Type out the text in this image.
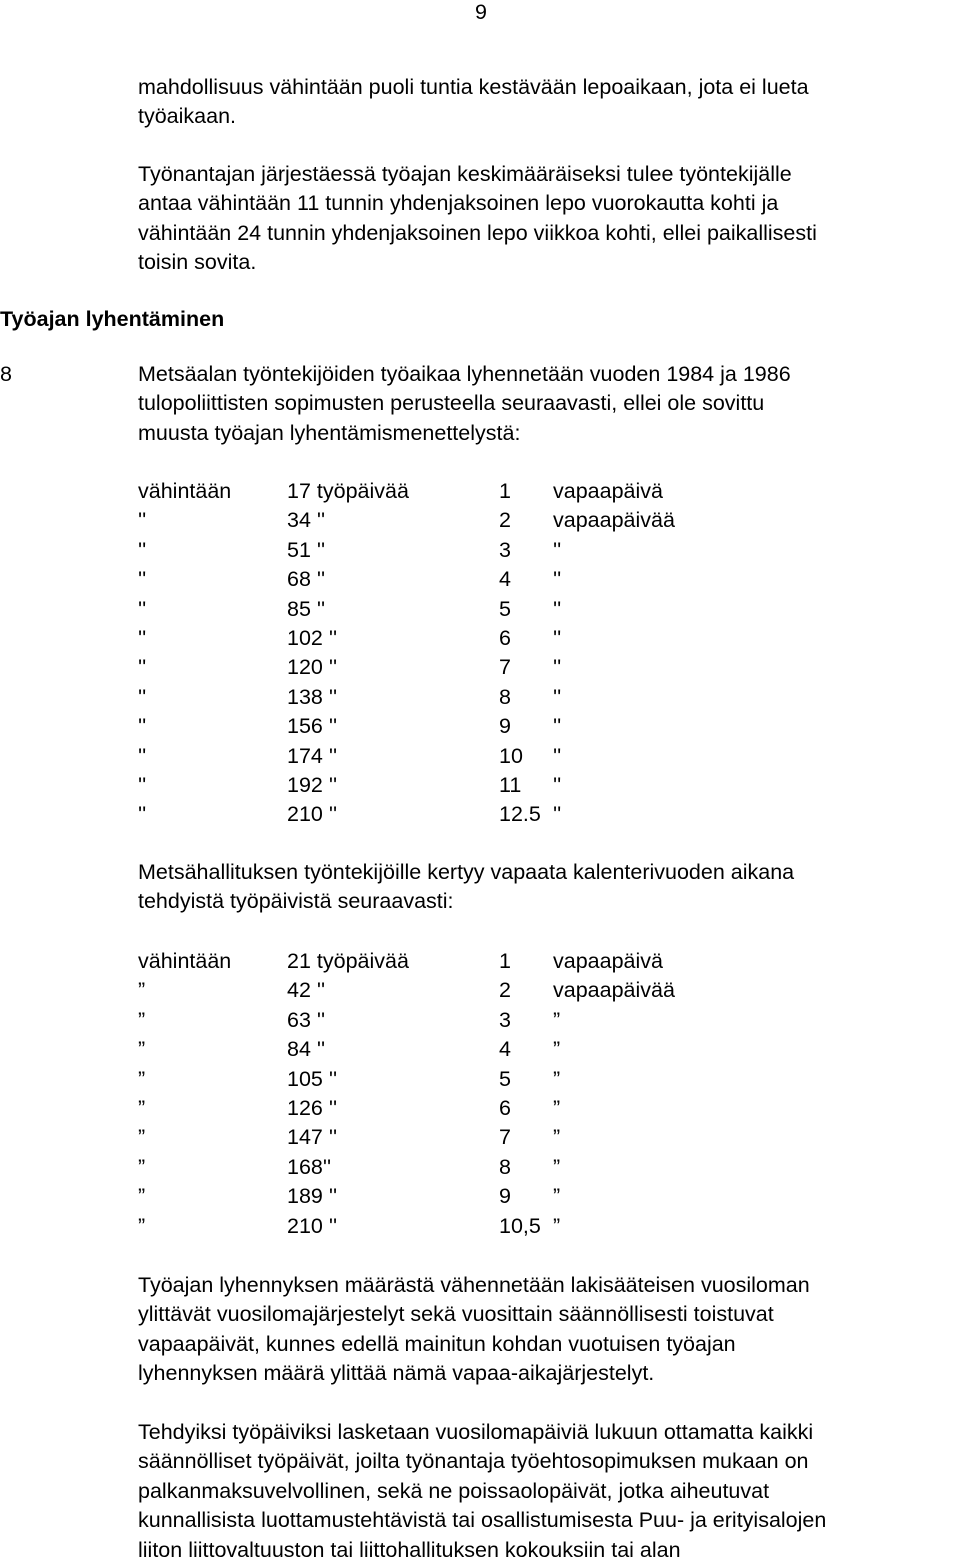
9
mahdollisuus vähintään puoli tuntia kestävään lepoaikaan, jota ei lueta
työaikaan.
Työnantajan järjestäessä työajan keskimääräiseksi tulee työntekijälle
antaa vähintään 11 tunnin yhdenjaksoinen lepo vuorokautta kohti ja
vähintään 24 tunnin yhdenjaksoinen lepo viikkoa kohti, ellei paikallisesti
toisin sovita.
Työajan lyhentäminen
8	Metsäalan työntekijöiden työaikaa lyhennetään vuoden 1984 ja 1986
tulopoliittisten sopimusten perusteella seuraavasti, ellei ole sovittu
muusta työajan lyhentämismenettelystä:
vähintään	17 työpäivää	1 vapaapäivä
''	34 ''	2 vapaapäivää
''	51 ''	3 ''
''	68 ''	4 ''
''	85 ''	5 ''
''	102 ''	6 ''
''	120 ''	7 ''
''	138 ''	8 ''
''	156 ''	9 ''
''	174 ''	10 ''
''	192 ''	11 ''
''	210 ''	12.5 ''
Metsähallituksen työntekijöille kertyy vapaata kalenterivuoden aikana
tehdyistä työpäivistä seuraavasti:
vähintään	21 työpäivää	1 vapaapäivä
”	42 ''	2 vapaapäivää
”	63 ''	3 ”
”	84 ''	4 ”
”	105 ''	5 ”
”	126 ''	6 ”
”	147 ''	7 ”
”	168''	8 ”
”	189 ''	9 ”
”	210 ''	10,5 ”
Työajan lyhennyksen määrästä vähennetään lakisääteisen vuosiloman
ylittävät vuosilomajärjestelyt sekä vuosittain säännöllisesti toistuvat
vapaapäivät, kunnes edellä mainitun kohdan vuotuisen työajan
lyhennyksen määrä ylittää nämä vapaa-aikajärjestelyt.
Tehdyiksi työpäiviksi lasketaan vuosilomapäiviä lukuun ottamatta kaikki
säännölliset työpäivät, joilta työnantaja työehtosopimuksen mukaan on
palkanmaksuvelvollinen, sekä ne poissaolopäivät, jotka aiheutuvat
kunnallisista luottamustehtävistä tai osallistumisesta Puu- ja erityisalojen
liiton liittovaltuuston tai liittohallituksen kokouksiin tai alan
